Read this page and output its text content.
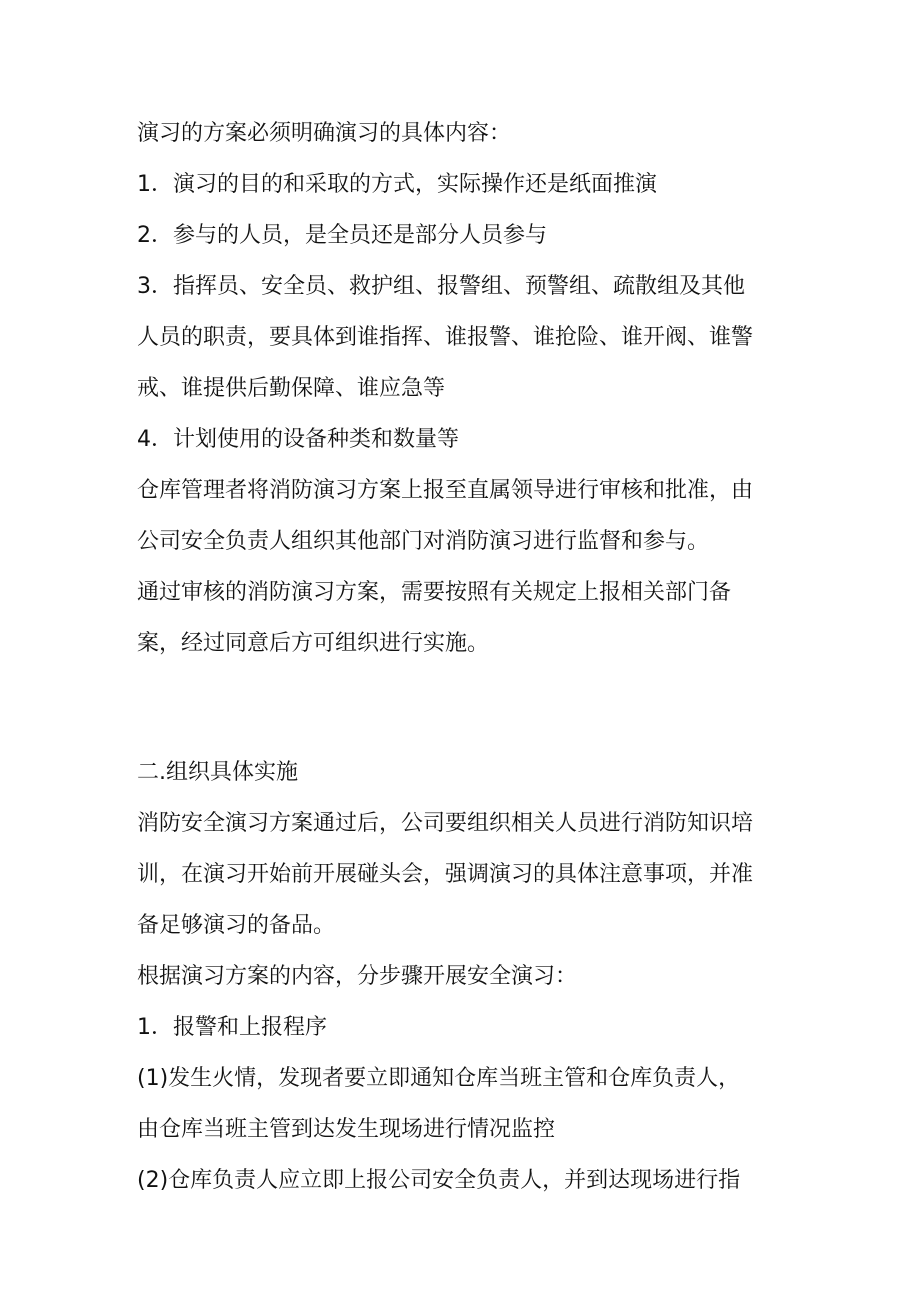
演习的方案必须明确演习的具体内容：

1．演习的目的和采取的方式，实际操作还是纸面推演

2．参与的人员，是全员还是部分人员参与

3．指挥员、安全员、救护组、报警组、预警组、疏散组及其他

人员的职责，要具体到谁指挥、谁报警、谁抢险、谁开阀、谁警

戒、谁提供后勤保障、谁应急等

4．计划使用的设备种类和数量等

仓库管理者将消防演习方案上报至直属领导进行审核和批准，由

公司安全负责人组织其他部门对消防演习进行监督和参与。

通过审核的消防演习方案，需要按照有关规定上报相关部门备

案，经过同意后方可组织进行实施。

二.组织具体实施

消防安全演习方案通过后，公司要组织相关人员进行消防知识培

训，在演习开始前开展碰头会，强调演习的具体注意事项，并准

备足够演习的备品。

根据演习方案的内容，分步骤开展安全演习：

1．报警和上报程序

(1)发生火情，发现者要立即通知仓库当班主管和仓库负责人，

由仓库当班主管到达发生现场进行情况监控

(2)仓库负责人应立即上报公司安全负责人，并到达现场进行指
